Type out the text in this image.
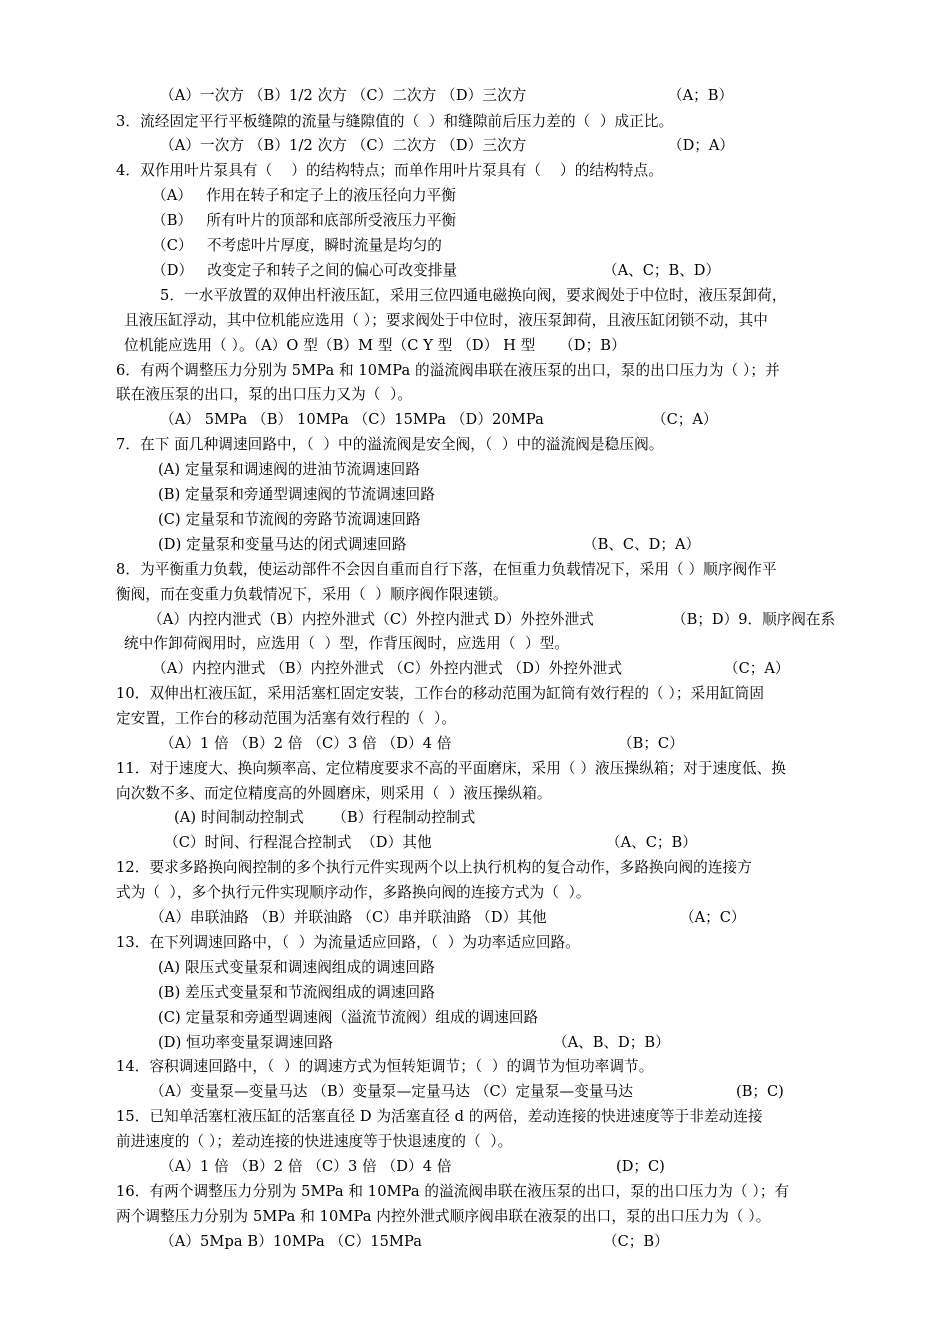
（A）一次方 （B）1/2 次方 （C）二次方 （D）三次方	（A；B）
3．流经固定平行平板缝隙的流量与缝隙值的（  ）和缝隙前后压力差的（  ）成正比。
（A）一次方 （B）1/2 次方 （C）二次方 （D）三次方	（D；A）
4．双作用叶片泵具有（    ）的结构特点；而单作用叶片泵具有（    ）的结构特点。
（A）   作用在转子和定子上的液压径向力平衡
（B）   所有叶片的顶部和底部所受液压力平衡
（C）   不考虑叶片厚度，瞬时流量是均匀的
（D）   改变定子和转子之间的偏心可改变排量	（A、C；B、D）
5．一水平放置的双伸出杆液压缸，采用三位四通电磁换向阀，要求阀处于中位时，液压泵卸荷，
且液压缸浮动，其中位机能应选用（ ）；要求阀处于中位时，液压泵卸荷，且液压缸闭锁不动，其中
位机能应选用（ ）。（A）O 型（B）M 型（C Y 型 （D） H 型     （D；B）
6．有两个调整压力分别为 5MPa 和 10MPa 的溢流阀串联在液压泵的出口，泵的出口压力为（ ）；并
联在液压泵的出口，泵的出口压力又为（  ）。
（A） 5MPa （B） 10MPa （C）15MPa （D）20MPa	（C；A）
7．在下 面几种调速回路中，（  ）中的溢流阀是安全阀，（  ）中的溢流阀是稳压阀。
(A) 定量泵和调速阀的进油节流调速回路
(B) 定量泵和旁通型调速阀的节流调速回路
(C) 定量泵和节流阀的旁路节流调速回路
(D) 定量泵和变量马达的闭式调速回路	（B、C、D；A）
8．为平衡重力负载，使运动部件不会因自重而自行下落，在恒重力负载情况下，采用（ ）顺序阀作平
衡阀，而在变重力负载情况下，采用（  ）顺序阀作限速锁。
（A）内控内泄式（B）内控外泄式（C）外控内泄式 D）外控外泄式	（B；D）9．顺序阀在系
统中作卸荷阀用时，应选用（  ）型，作背压阀时，应选用（  ）型。
（A）内控内泄式 （B）内控外泄式 （C）外控内泄式 （D）外控外泄式	（C；A）
10．双伸出杠液压缸，采用活塞杠固定安装，工作台的移动范围为缸筒有效行程的（ ）；采用缸筒固
定安置，工作台的移动范围为活塞有效行程的（  ）。
（A）1 倍 （B）2 倍 （C）3 倍 （D）4 倍	（B；C）
11．对于速度大、换向频率高、定位精度要求不高的平面磨床，采用（ ）液压操纵箱；对于速度低、换
向次数不多、而定位精度高的外圆磨床，则采用（  ）液压操纵箱。
(A) 时间制动控制式      （B）行程制动控制式
（C）时间、行程混合控制式  （D）其他	（A、C；B）
12．要求多路换向阀控制的多个执行元件实现两个以上执行机构的复合动作，多路换向阀的连接方
式为（  ），多个执行元件实现顺序动作，多路换向阀的连接方式为（  ）。
（A）串联油路 （B）并联油路 （C）串并联油路 （D）其他	（A；C）
13．在下列调速回路中，（  ）为流量适应回路，（  ）为功率适应回路。
(A) 限压式变量泵和调速阀组成的调速回路
(B) 差压式变量泵和节流阀组成的调速回路
(C) 定量泵和旁通型调速阀（溢流节流阀）组成的调速回路
(D) 恒功率变量泵调速回路	（A、B、D；B）
14．容积调速回路中，（  ）的调速方式为恒转矩调节；（  ）的调节为恒功率调节。
（A）变量泵—变量马达 （B）变量泵—定量马达 （C）定量泵—变量马达	(B；C)
15．已知单活塞杠液压缸的活塞直径 D 为活塞直径 d 的两倍，差动连接的快进速度等于非差动连接
前进速度的（ ）；差动连接的快进速度等于快退速度的（  ）。
（A）1 倍 （B）2 倍 （C）3 倍 （D）4 倍	(D；C)
16．有两个调整压力分别为 5MPa 和 10MPa 的溢流阀串联在液压泵的出口，泵的出口压力为（ ）；有
两个调整压力分别为 5MPa 和 10MPa 内控外泄式顺序阀串联在液泵的出口，泵的出口压力为（ ）。
（A）5Mpa B）10MPa （C）15MPa	（C；B）
